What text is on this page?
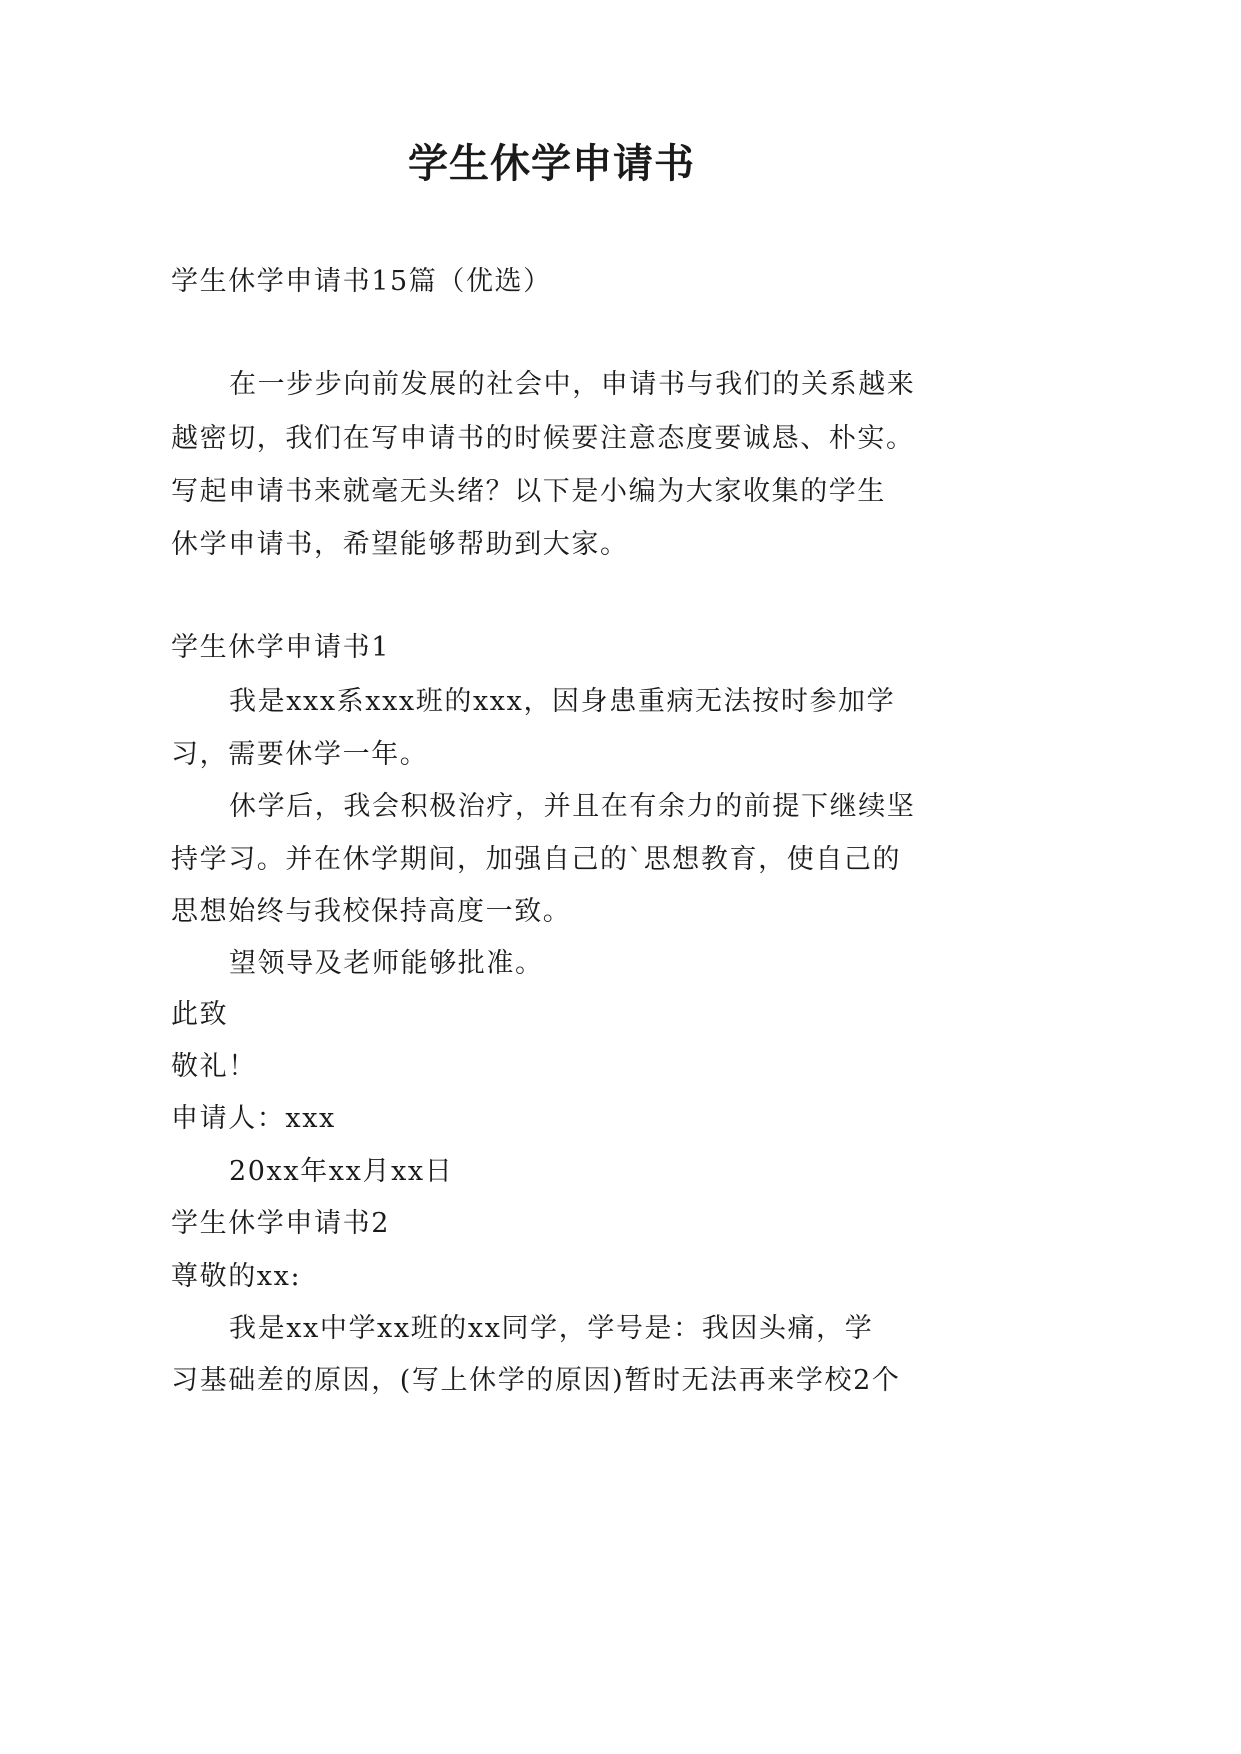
学生休学申请书

学生休学申请书15篇（优选）

在一步步向前发展的社会中，申请书与我们的关系越来

越密切，我们在写申请书的时候要注意态度要诚恳、朴实。

写起申请书来就毫无头绪？以下是小编为大家收集的学生

休学申请书，希望能够帮助到大家。

学生休学申请书1

我是xxx系xxx班的xxx，因身患重病无法按时参加学

习，需要休学一年。

休学后，我会积极治疗，并且在有余力的前提下继续坚

持学习。并在休学期间，加强自己的`思想教育，使自己的

思想始终与我校保持高度一致。

望领导及老师能够批准。

此致

敬礼！

申请人：xxx

20xx年xx月xx日

学生休学申请书2

尊敬的xx:

我是xx中学xx班的xx同学，学号是：我因头痛，学

习基础差的原因，(写上休学的原因)暂时无法再来学校2个
